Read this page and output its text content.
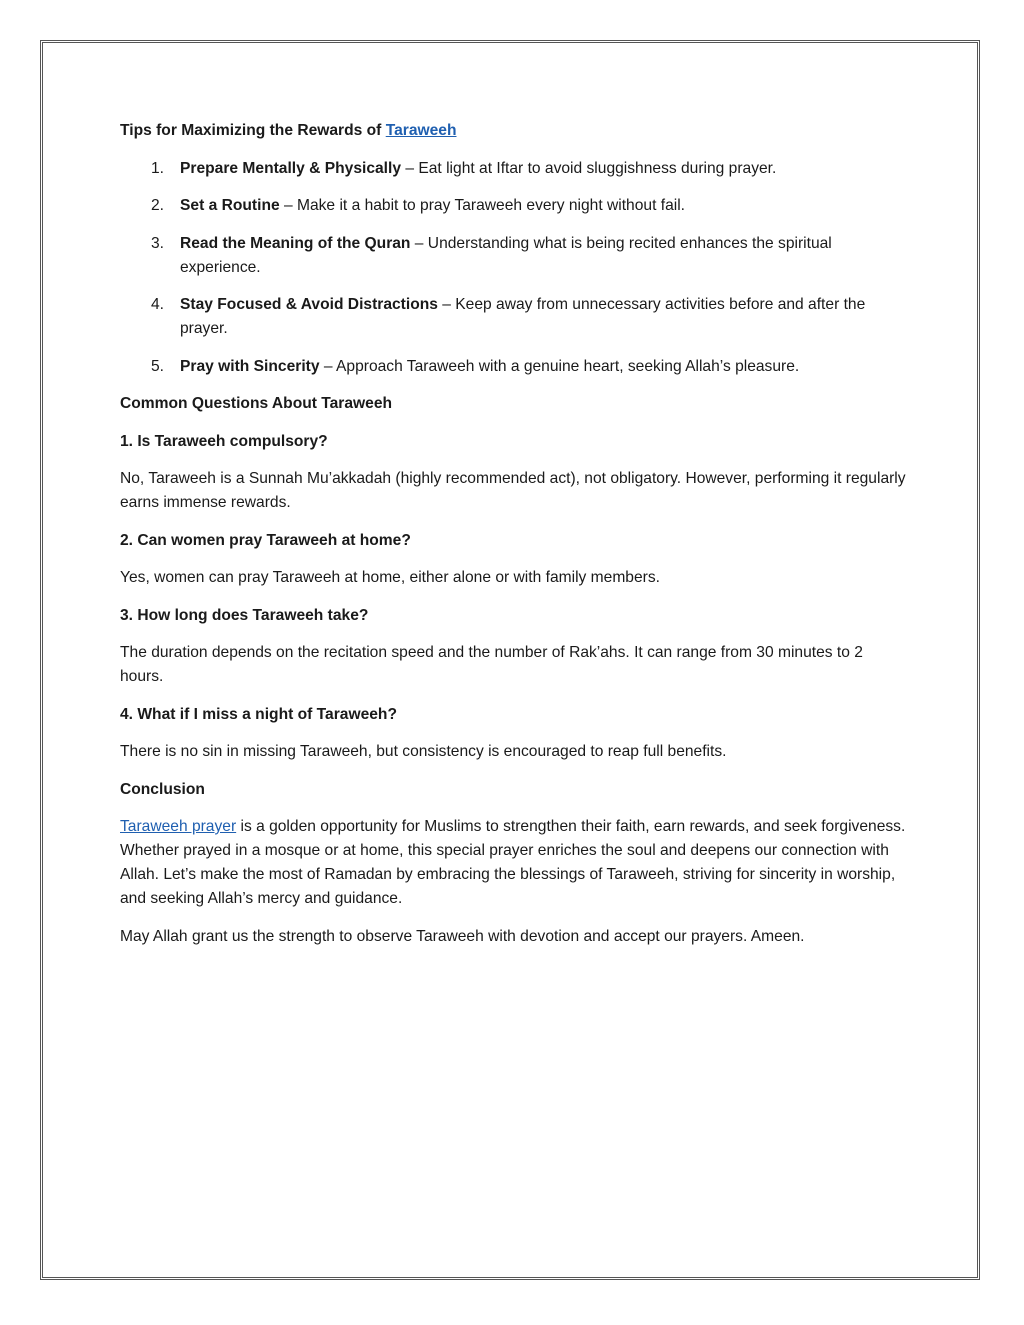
Tips for Maximizing the Rewards of Taraweeh

1. Prepare Mentally & Physically – Eat light at Iftar to avoid sluggishness during prayer.
2. Set a Routine – Make it a habit to pray Taraweeh every night without fail.
3. Read the Meaning of the Quran – Understanding what is being recited enhances the spiritual experience.
4. Stay Focused & Avoid Distractions – Keep away from unnecessary activities before and after the prayer.
5. Pray with Sincerity – Approach Taraweeh with a genuine heart, seeking Allah’s pleasure.

Common Questions About Taraweeh

1. Is Taraweeh compulsory?

No, Taraweeh is a Sunnah Mu’akkadah (highly recommended act), not obligatory. However, performing it regularly earns immense rewards.

2. Can women pray Taraweeh at home?

Yes, women can pray Taraweeh at home, either alone or with family members.

3. How long does Taraweeh take?

The duration depends on the recitation speed and the number of Rak’ahs. It can range from 30 minutes to 2 hours.

4. What if I miss a night of Taraweeh?

There is no sin in missing Taraweeh, but consistency is encouraged to reap full benefits.

Conclusion

Taraweeh prayer is a golden opportunity for Muslims to strengthen their faith, earn rewards, and seek forgiveness. Whether prayed in a mosque or at home, this special prayer enriches the soul and deepens our connection with Allah. Let’s make the most of Ramadan by embracing the blessings of Taraweeh, striving for sincerity in worship, and seeking Allah’s mercy and guidance.

May Allah grant us the strength to observe Taraweeh with devotion and accept our prayers. Ameen.
